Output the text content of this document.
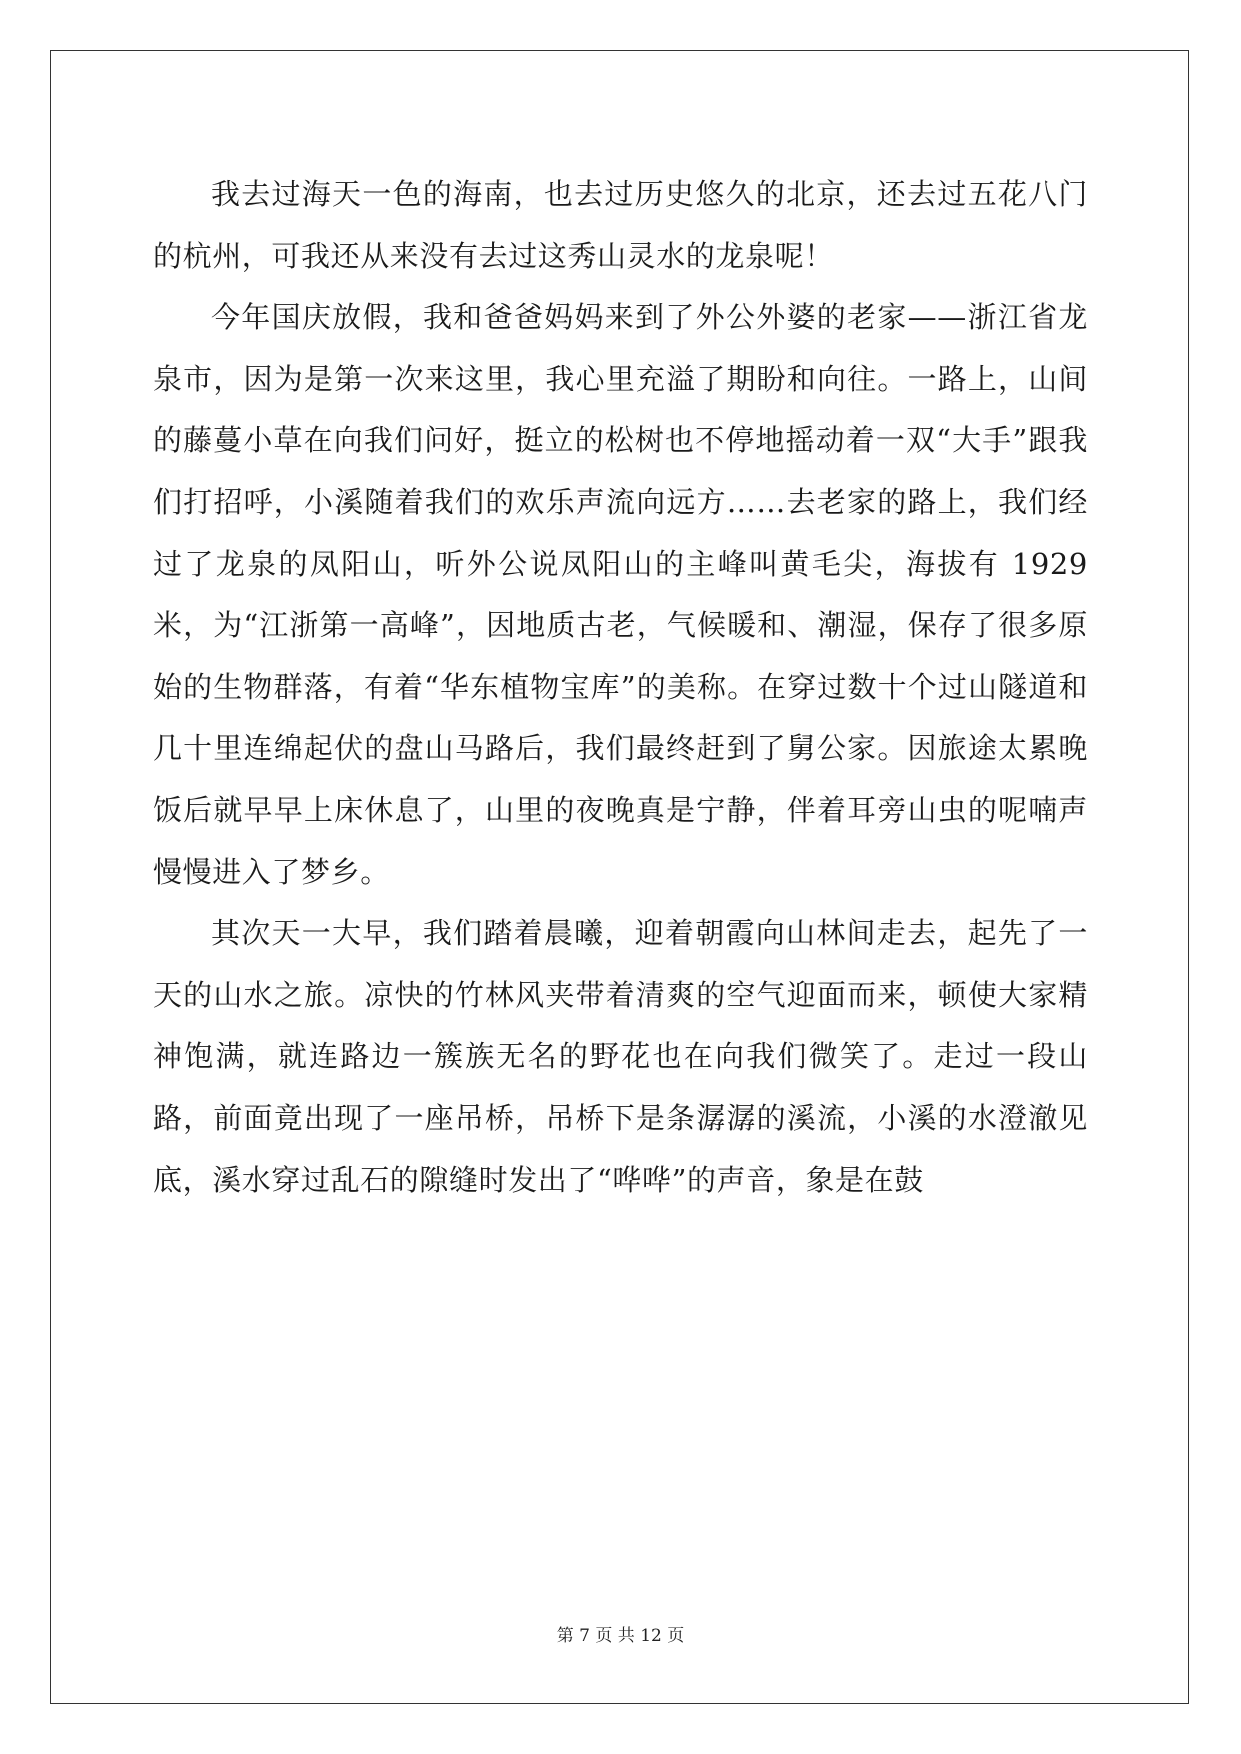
我去过海天一色的海南，也去过历史悠久的北京，还去过五花八门的杭州，可我还从来没有去过这秀山灵水的龙泉呢！

今年国庆放假，我和爸爸妈妈来到了外公外婆的老家——浙江省龙泉市，因为是第一次来这里，我心里充溢了期盼和向往。一路上，山间的藤蔓小草在向我们问好，挺立的松树也不停地摇动着一双“大手”跟我们打招呼，小溪随着我们的欢乐声流向远方……去老家的路上，我们经过了龙泉的凤阳山，听外公说凤阳山的主峰叫黄毛尖，海拔有 1929 米，为“江浙第一高峰”，因地质古老，气候暖和、潮湿，保存了很多原始的生物群落，有着“华东植物宝库”的美称。在穿过数十个过山隧道和几十里连绵起伏的盘山马路后，我们最终赶到了舅公家。因旅途太累晚饭后就早早上床休息了，山里的夜晚真是宁静，伴着耳旁山虫的呢喃声慢慢进入了梦乡。

其次天一大早，我们踏着晨曦，迎着朝霞向山林间走去，起先了一天的山水之旅。凉快的竹林风夹带着清爽的空气迎面而来，顿使大家精神饱满，就连路边一簇族无名的野花也在向我们微笑了。走过一段山路，前面竟出现了一座吊桥，吊桥下是条潺潺的溪流，小溪的水澄澈见底，溪水穿过乱石的隙缝时发出了“哗哗”的声音，象是在鼓

第 7 页 共 12 页
